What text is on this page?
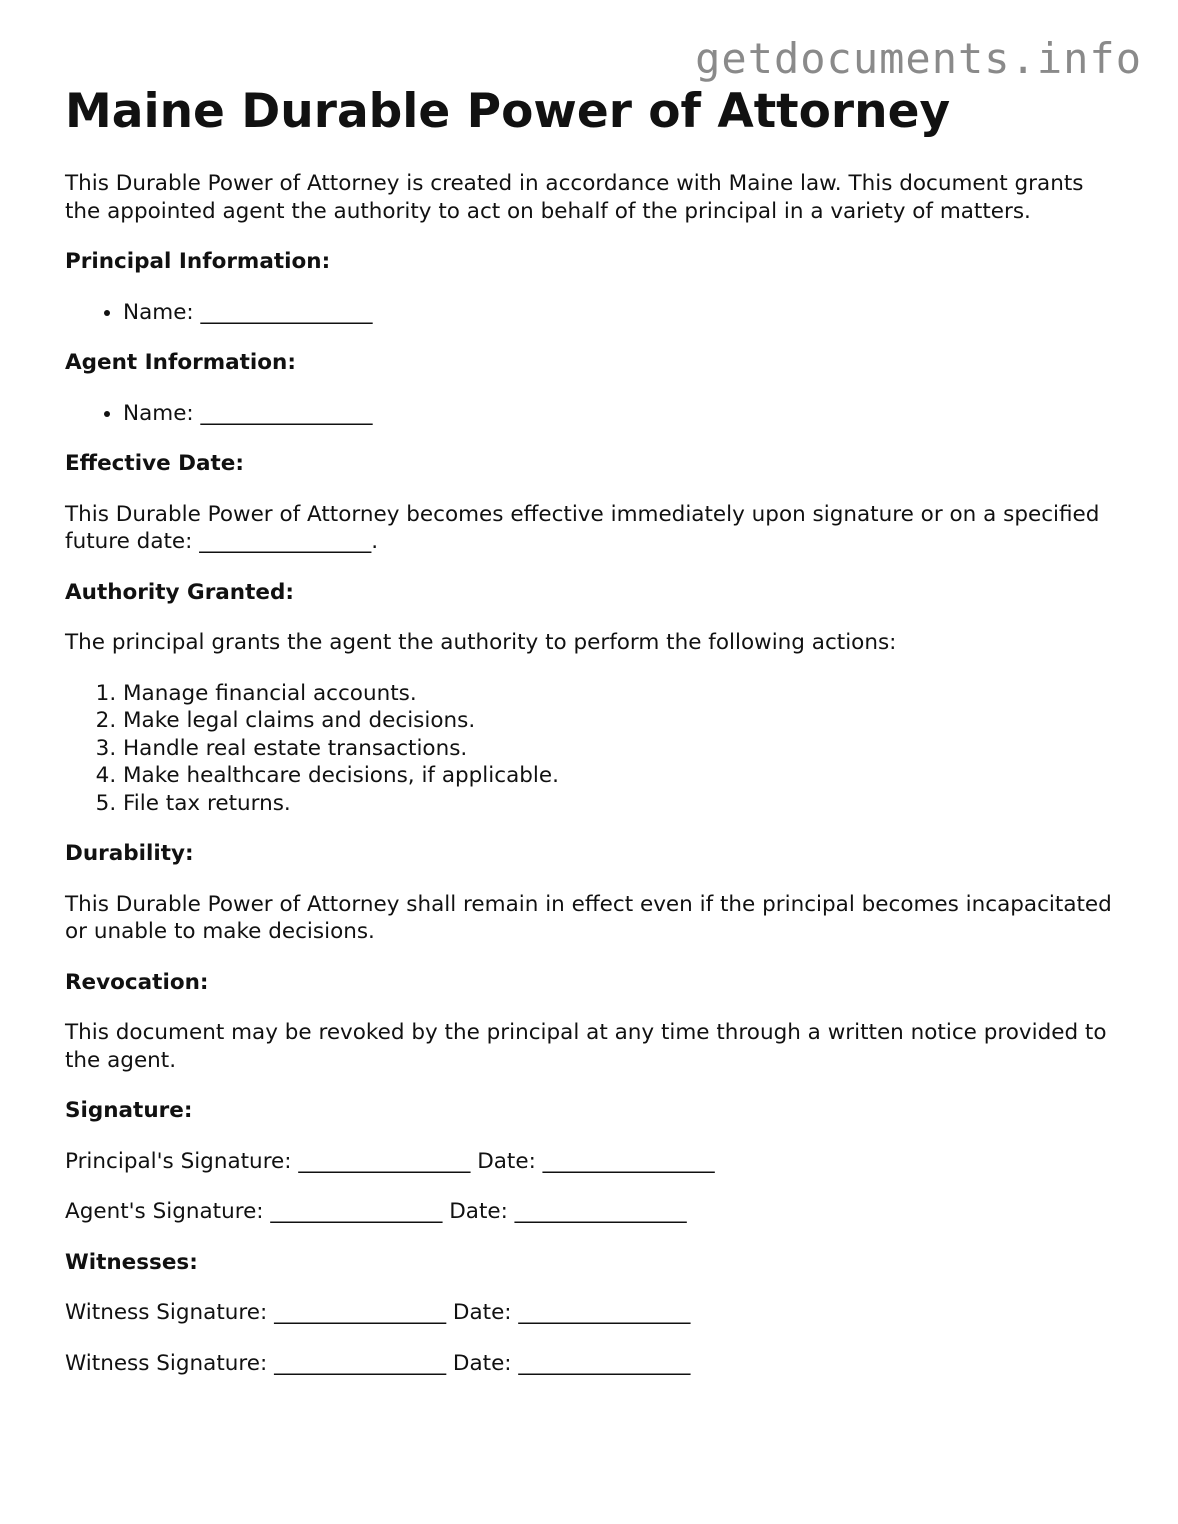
getdocuments.info
Maine Durable Power of Attorney

This Durable Power of Attorney is created in accordance with Maine law. This document grants the appointed agent the authority to act on behalf of the principal in a variety of matters.

Principal Information:

• Name: ________________

Agent Information:

• Name: ________________

Effective Date:

This Durable Power of Attorney becomes effective immediately upon signature or on a specified future date: ________________.

Authority Granted:

The principal grants the agent the authority to perform the following actions:

1. Manage financial accounts.
2. Make legal claims and decisions.
3. Handle real estate transactions.
4. Make healthcare decisions, if applicable.
5. File tax returns.

Durability:

This Durable Power of Attorney shall remain in effect even if the principal becomes incapacitated or unable to make decisions.

Revocation:

This document may be revoked by the principal at any time through a written notice provided to the agent.

Signature:

Principal's Signature: ________________ Date: ________________

Agent's Signature: ________________ Date: ________________

Witnesses:

Witness Signature: ________________ Date: ________________

Witness Signature: ________________ Date: ________________
